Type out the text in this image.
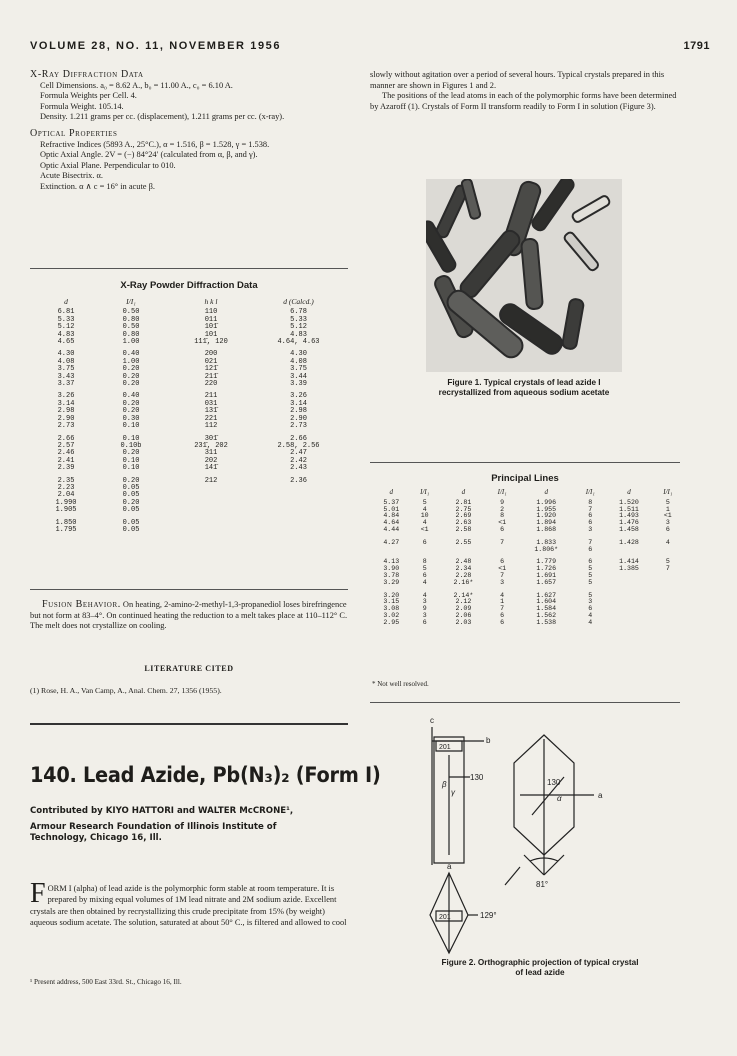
VOLUME 28, NO. 11, NOVEMBER 1956	1791

X-Ray Diffraction Data

Cell Dimensions. a₀ = 8.62 A., b₀ = 11.00 A., c₀ = 6.10 A.

Formula Weights per Cell. 4.

Formula Weight. 105.14.

Density. 1.211 grams per cc. (displacement), 1.211 grams per cc. (x-ray).

Optical Properties

Refractive Indices (5893 A., 25°C.), α = 1.516, β = 1.528, γ = 1.538.

Optic Axial Angle. 2V = (−) 84°24′ (calculated from α, β, and γ).

Optic Axial Plane. Perpendicular to 010.

Acute Bisectrix. α.

Extinction. α ∧ c = 16° in acute β.

X-Ray Powder Diffraction Data
d	I/I₁	h k l	d (Calcd.)
6.81	0.50	110	6.78
5.33	0.80	011	5.33
5.12	0.50	101̄	5.12
4.83	0.80	101	4.83
4.65	1.00	111̄, 120	4.64, 4.63
4.30	0.40	200	4.30
4.08	1.00	021	4.08
3.75	0.20	121̄	3.75
3.43	0.20	211̄	3.44
3.37	0.20	220	3.39
3.26	0.40	211	3.26
3.14	0.20	031	3.14
2.98	0.20	131̄	2.98
2.90	0.30	221	2.90
2.73	0.10	112	2.73
2.66	0.10	301̄	2.66
2.57	0.10b	231̄, 202	2.58, 2.56
2.46	0.20	311	2.47
2.41	0.10	202	2.42
2.39	0.10	141̄	2.43
2.35	0.20	212	2.36
2.23	0.05		
2.04	0.05		
1.990	0.20		
1.905	0.05		
1.850	0.05		
1.795	0.05		

Fusion Behavior. On heating, 2-amino-2-methyl-1,3-propanediol loses birefringence but not form at 83–4°. On continued heating the reduction to a melt takes place at 110–112° C. The melt does not crystallize on cooling.

LITERATURE CITED
(1) Rose, H. A., Van Camp, A., Anal. Chem. 27, 1356 (1955).
140. Lead Azide, Pb(N₃)₂ (Form I)
Contributed by KIYO HATTORI and WALTER McCRONE¹,
Armour Research Foundation of Illinois Institute of Technology, Chicago 16, Ill.

FORM I (alpha) of lead azide is the polymorphic form stable at room temperature. It is prepared by mixing equal volumes of 1M lead nitrate and 2M sodium azide. Excellent crystals are then obtained by recrystallizing this crude precipitate from 15% (by weight) aqueous sodium acetate. The solution, saturated at about 50° C., is filtered and allowed to cool

¹ Present address, 500 East 33rd. St., Chicago 16, Ill.

slowly without agitation over a period of several hours. Typical crystals prepared in this manner are shown in Figures 1 and 2.

The positions of the lead atoms in each of the polymorphic forms have been determined by Azaroff (1). Crystals of Form II transform readily to Form I in solution (Figure 3).

Figure 1. Typical crystals of lead azide I recrystallized from aqueous sodium acetate
Principal Lines
d	I/I₁	d	I/I₁	d	I/I₁	d	I/I₁
5.37	5	2.81	9	1.996	8	1.520	5
5.01	4	2.75	2	1.955	7	1.511	1
4.84	10	2.69	8	1.920	6	1.493	<1
4.64	4	2.63	<1	1.894	6	1.476	3
4.44	<1	2.58	6	1.868	3	1.458	6
4.27	6	2.55	7	1.833	7	1.428	4
				1.806*	6		
4.13	8	2.48	6	1.779	6	1.414	5
3.90	5	2.34	<1	1.726	5	1.385	7
3.78	6	2.28	7	1.691	5		
3.29	4	2.16*	3	1.657	5		
3.20	4	2.14*	4	1.627	5		
3.15	3	2.12	1	1.604	3		
3.08	9	2.09	7	1.584	6		
3.02	3	2.06	6	1.562	4		
2.95	6	2.03	6	1.538	4		
* Not well resolved.
c
b
201
130
β
γ	a
130
α
81°
a
201	129°
Figure 2. Orthographic projection of typical crystal of lead azide
